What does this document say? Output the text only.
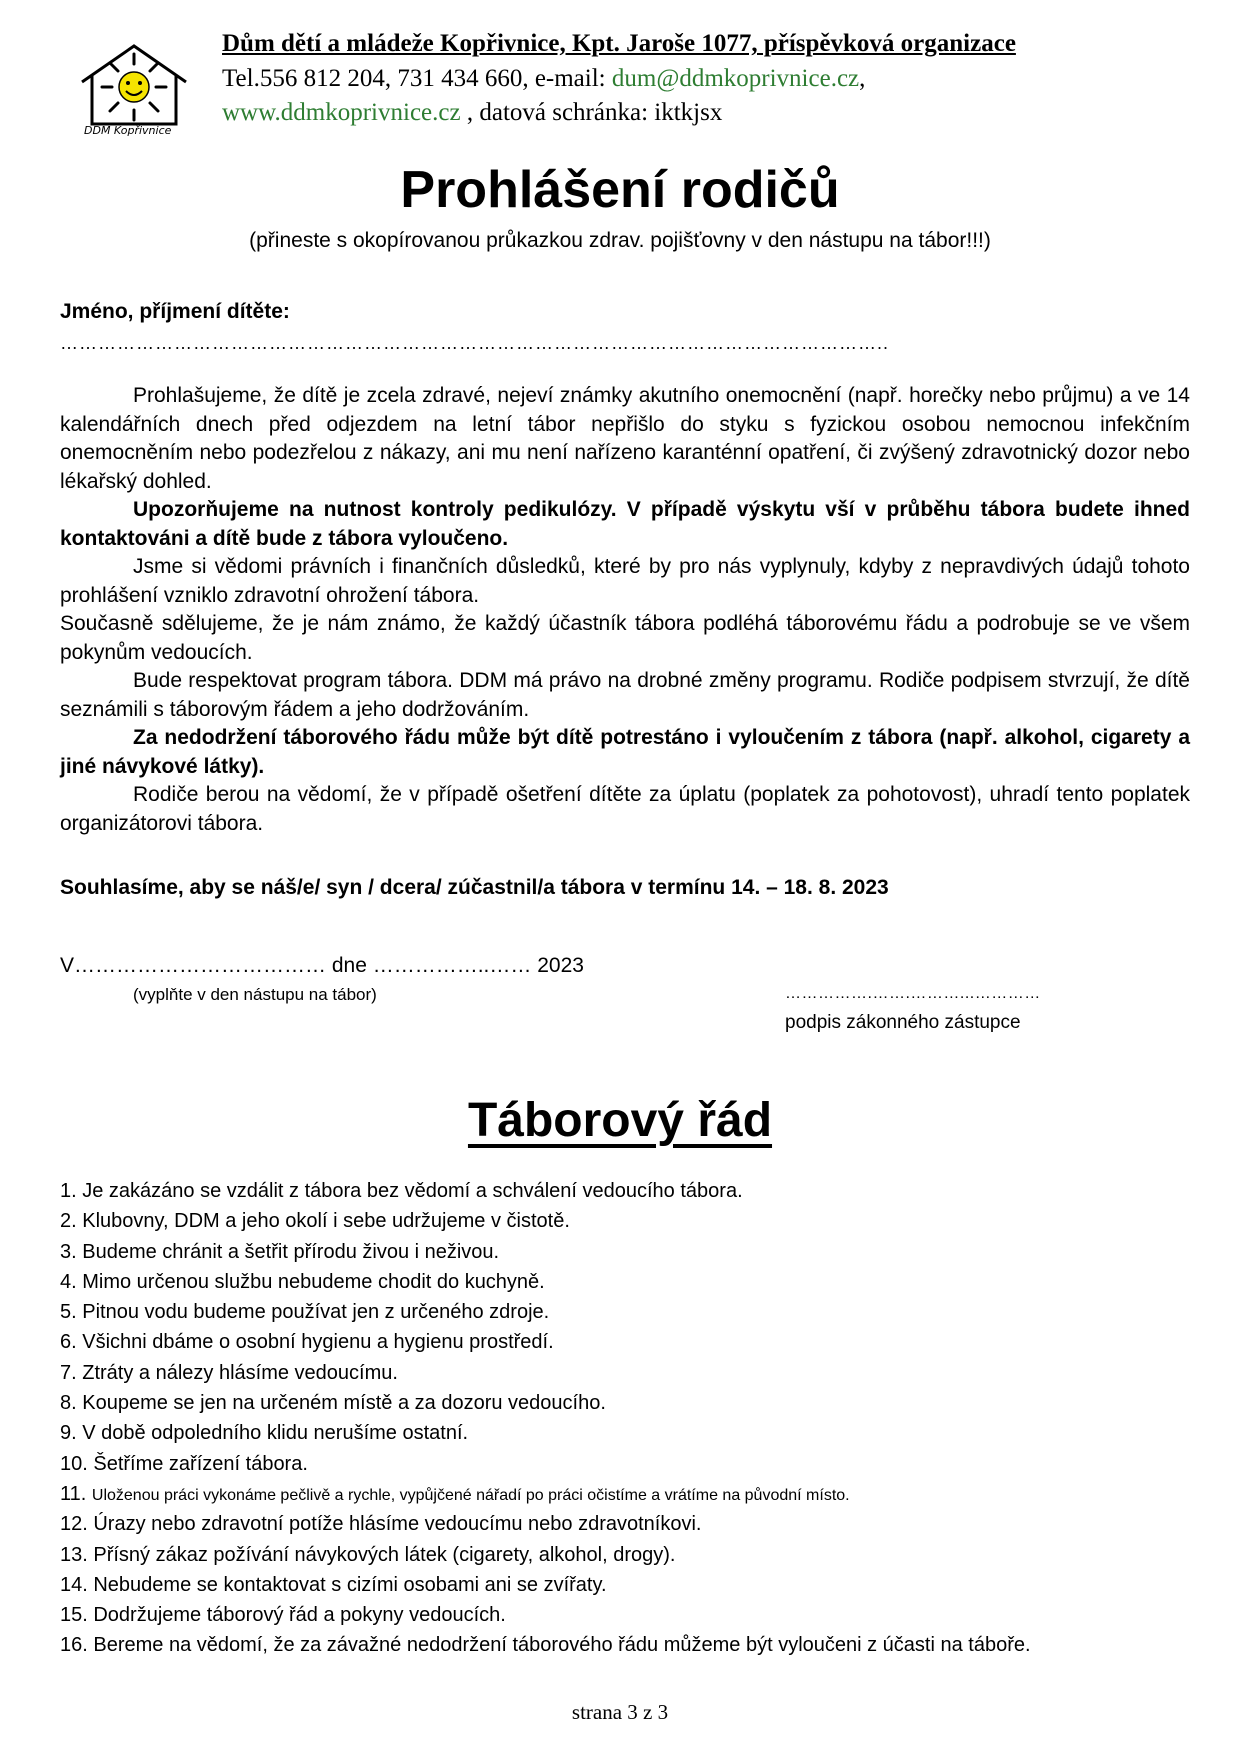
DDM Kopřivnice
Dům dětí a mládeže Kopřivnice, Kpt. Jaroše 1077, příspěvková organizace
Tel.556 812 204, 731 434 660, e-mail: dum@ddmkoprivnice.cz,
www.ddmkoprivnice.cz , datová schránka: iktkjsx
Prohlášení rodičů
(přineste s okopírovanou průkazkou zdrav. pojišťovny v den nástupu na tábor!!!)
Jméno, příjmení dítěte:
…………………………………………………………………………………………………………………..
Prohlašujeme, že dítě je zcela zdravé, nejeví známky akutního onemocnění (např. horečky nebo průjmu) a ve 14 kalendářních dnech před odjezdem na letní tábor nepřišlo do styku s fyzickou osobou nemocnou infekčním onemocněním nebo podezřelou z nákazy, ani mu není nařízeno karanténní opatření, či zvýšený zdravotnický dozor nebo lékařský dohled.
Upozorňujeme na nutnost kontroly pedikulózy. V případě výskytu vší v průběhu tábora budete ihned kontaktováni a dítě bude z tábora vyloučeno.
Jsme si vědomi právních i finančních důsledků, které by pro nás vyplynuly, kdyby z nepravdivých údajů tohoto prohlášení vzniklo zdravotní ohrožení tábora.
Současně sdělujeme, že je nám známo, že každý účastník tábora podléhá táborovému řádu a podrobuje se ve všem pokynům vedoucích.
Bude respektovat program tábora. DDM má právo na drobné změny programu. Rodiče podpisem stvrzují, že dítě seznámili s táborovým řádem a jeho dodržováním.
Za nedodržení táborového řádu může být dítě potrestáno i vyloučením z tábora (např. alkohol, cigarety a jiné návykové látky).
Rodiče berou na vědomí, že v případě ošetření dítěte za úplatu (poplatek za pohotovost), uhradí tento poplatek organizátorovi tábora.
Souhlasíme, aby se náš/e/ syn / dcera/ zúčastnil/a tábora v termínu 14. – 18. 8. 2023
V……………………………… dne ……………..…… 2023
(vyplňte v den nástupu na tábor)	…………….…….………...…………
podpis zákonného zástupce
Táborový řád
1. Je zakázáno se vzdálit z tábora bez vědomí a schválení vedoucího tábora.
2. Klubovny, DDM a jeho okolí i sebe udržujeme v čistotě.
3. Budeme chránit a šetřit přírodu živou i neživou.
4. Mimo určenou službu nebudeme chodit do kuchyně.
5. Pitnou vodu budeme používat jen z určeného zdroje.
6. Všichni dbáme o osobní hygienu a hygienu prostředí.
7. Ztráty a nálezy hlásíme vedoucímu.
8. Koupeme se jen na určeném místě a za dozoru vedoucího.
9. V době odpoledního klidu nerušíme ostatní.
10. Šetříme zařízení tábora.
11. Uloženou práci vykonáme pečlivě a rychle, vypůjčené nářadí po práci očistíme a vrátíme na původní místo.
12. Úrazy nebo zdravotní potíže hlásíme vedoucímu nebo zdravotníkovi.
13. Přísný zákaz požívání návykových látek (cigarety, alkohol, drogy).
14. Nebudeme se kontaktovat s cizími osobami ani se zvířaty.
15. Dodržujeme táborový řád a pokyny vedoucích.
16. Bereme na vědomí, že za závažné nedodržení táborového řádu můžeme být vyloučeni z účasti na táboře.
strana 3 z 3
